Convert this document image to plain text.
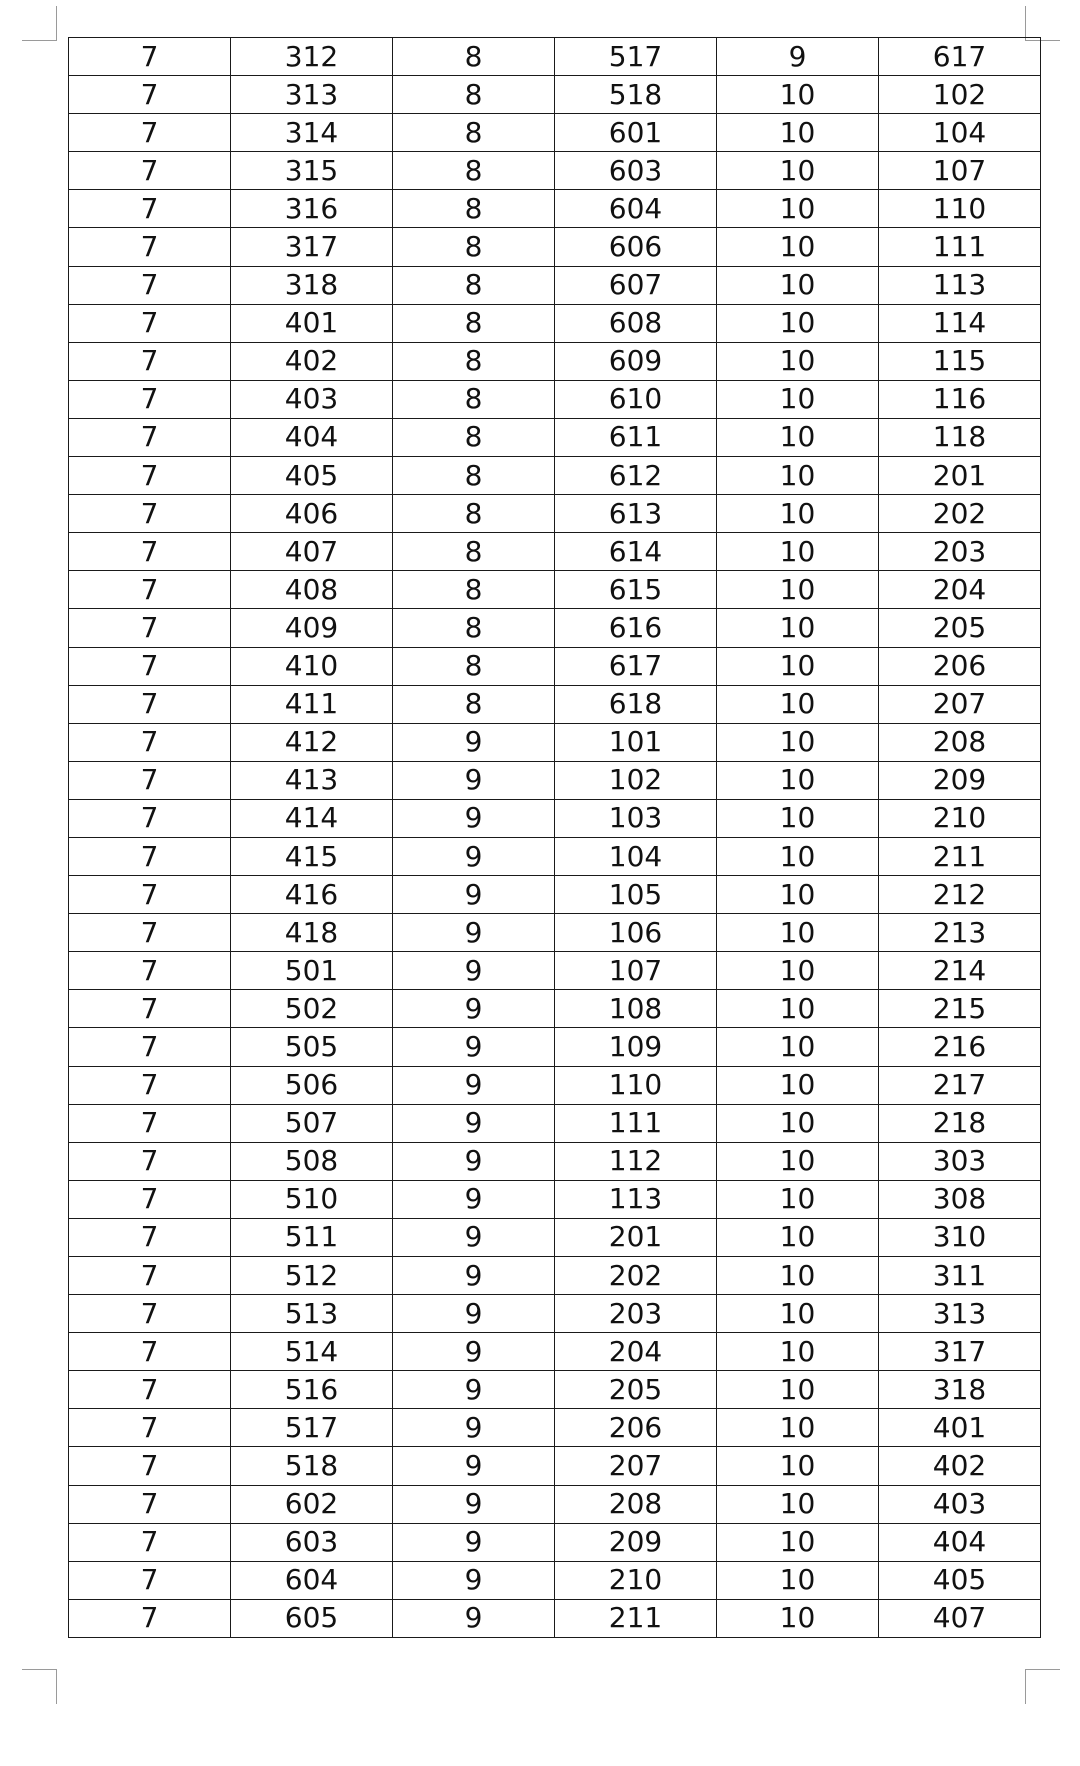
7	312	8	517	9	617
7	313	8	518	10	102
7	314	8	601	10	104
7	315	8	603	10	107
7	316	8	604	10	110
7	317	8	606	10	111
7	318	8	607	10	113
7	401	8	608	10	114
7	402	8	609	10	115
7	403	8	610	10	116
7	404	8	611	10	118
7	405	8	612	10	201
7	406	8	613	10	202
7	407	8	614	10	203
7	408	8	615	10	204
7	409	8	616	10	205
7	410	8	617	10	206
7	411	8	618	10	207
7	412	9	101	10	208
7	413	9	102	10	209
7	414	9	103	10	210
7	415	9	104	10	211
7	416	9	105	10	212
7	418	9	106	10	213
7	501	9	107	10	214
7	502	9	108	10	215
7	505	9	109	10	216
7	506	9	110	10	217
7	507	9	111	10	218
7	508	9	112	10	303
7	510	9	113	10	308
7	511	9	201	10	310
7	512	9	202	10	311
7	513	9	203	10	313
7	514	9	204	10	317
7	516	9	205	10	318
7	517	9	206	10	401
7	518	9	207	10	402
7	602	9	208	10	403
7	603	9	209	10	404
7	604	9	210	10	405
7	605	9	211	10	407
